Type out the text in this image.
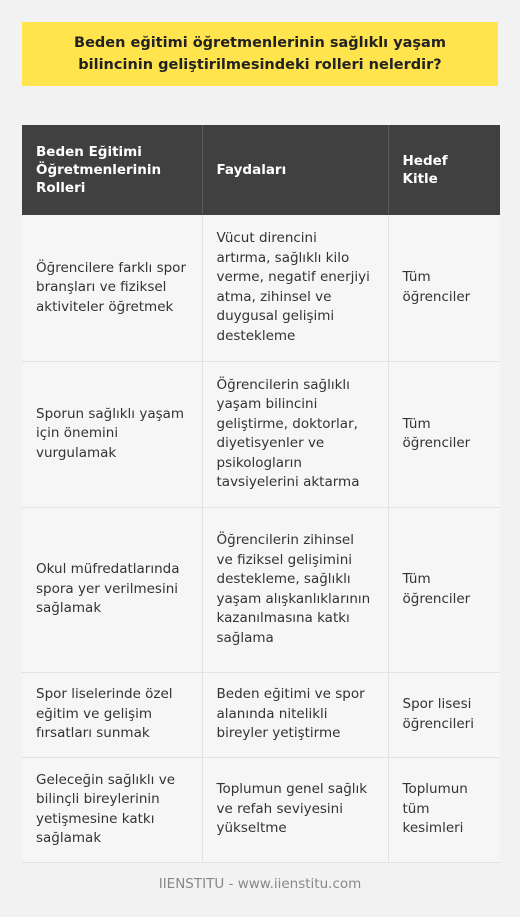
Beden eğitimi öğretmenlerinin sağlıklı yaşam bilincinin geliştirilmesindeki rolleri nelerdir?
Beden Eğitimi Öğretmenlerinin Rolleri	Faydaları	Hedef Kitle
Öğrencilere farklı spor branşları ve fiziksel aktiviteler öğretmek	Vücut direncini artırma, sağlıklı kilo verme, negatif enerjiyi atma, zihinsel ve duygusal gelişimi destekleme	Tüm öğrenciler
Sporun sağlıklı yaşam için önemini vurgulamak	Öğrencilerin sağlıklı yaşam bilincini geliştirme, doktorlar, diyetisyenler ve psikologların tavsiyelerini aktarma	Tüm öğrenciler
Okul müfredatlarında spora yer verilmesini sağlamak	Öğrencilerin zihinsel ve fiziksel gelişimini destekleme, sağlıklı yaşam alışkanlıklarının kazanılmasına katkı sağlama	Tüm öğrenciler
Spor liselerinde özel eğitim ve gelişim fırsatları sunmak	Beden eğitimi ve spor alanında nitelikli bireyler yetiştirme	Spor lisesi öğrencileri
Geleceğin sağlıklı ve bilinçli bireylerinin yetişmesine katkı sağlamak	Toplumun genel sağlık ve refah seviyesini yükseltme	Toplumun tüm kesimleri
IIENSTITU - www.iienstitu.com
